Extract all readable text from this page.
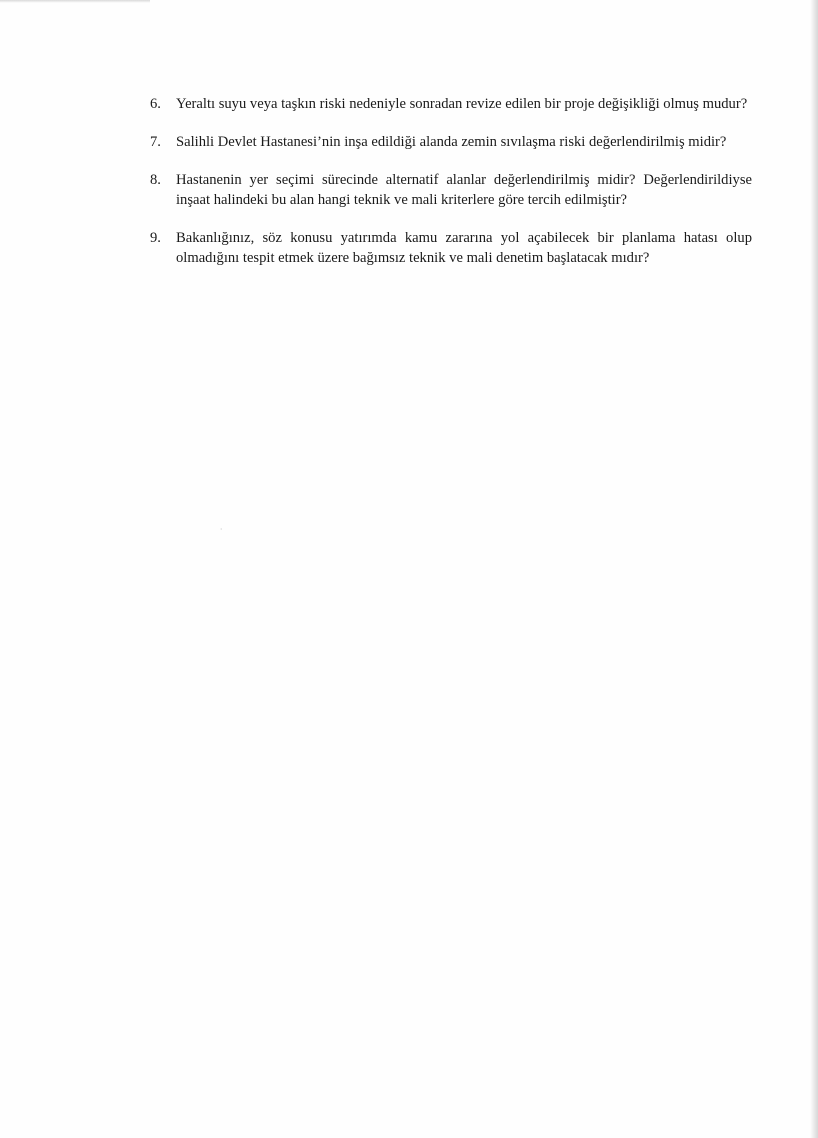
6. Yeraltı suyu veya taşkın riski nedeniyle sonradan revize edilen bir proje değişikliği olmuş mudur?
7. Salihli Devlet Hastanesi’nin inşa edildiği alanda zemin sıvılaşma riski değerlendirilmiş midir?
8. Hastanenin yer seçimi sürecinde alternatif alanlar değerlendirilmiş midir? Değerlendirildiyse inşaat halindeki bu alan hangi teknik ve mali kriterlere göre tercih edilmiştir?
9. Bakanlığınız, söz konusu yatırımda kamu zararına yol açabilecek bir planlama hatası olup olmadığını tespit etmek üzere bağımsız teknik ve mali denetim başlatacak mıdır?
⸳
